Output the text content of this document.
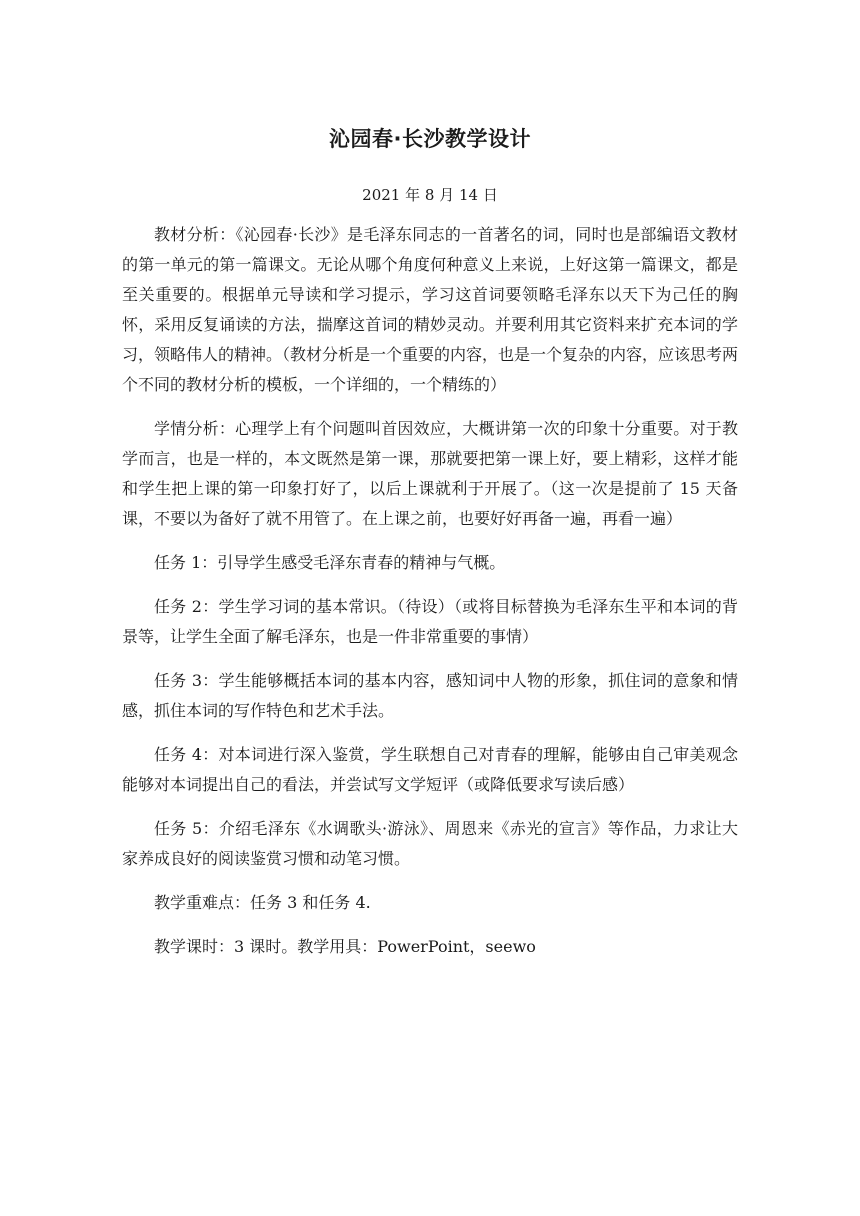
沁园春·长沙教学设计
2021 年 8 月 14 日

教材分析：《沁园春·长沙》是毛泽东同志的一首著名的词，同时也是部编语文教材的第一单元的第一篇课文。无论从哪个角度何种意义上来说，上好这第一篇课文，都是至关重要的。根据单元导读和学习提示，学习这首词要领略毛泽东以天下为己任的胸怀，采用反复诵读的方法，揣摩这首词的精妙灵动。并要利用其它资料来扩充本词的学习，领略伟人的精神。（教材分析是一个重要的内容，也是一个复杂的内容，应该思考两个不同的教材分析的模板，一个详细的，一个精练的）

学情分析：心理学上有个问题叫首因效应，大概讲第一次的印象十分重要。对于教学而言，也是一样的，本文既然是第一课，那就要把第一课上好，要上精彩，这样才能和学生把上课的第一印象打好了，以后上课就利于开展了。（这一次是提前了 15 天备课，不要以为备好了就不用管了。在上课之前，也要好好再备一遍，再看一遍）

任务 1：引导学生感受毛泽东青春的精神与气概。

任务 2：学生学习词的基本常识。（待设）（或将目标替换为毛泽东生平和本词的背景等，让学生全面了解毛泽东，也是一件非常重要的事情）

任务 3：学生能够概括本词的基本内容，感知词中人物的形象，抓住词的意象和情感，抓住本词的写作特色和艺术手法。

任务 4：对本词进行深入鉴赏，学生联想自己对青春的理解，能够由自己审美观念能够对本词提出自己的看法，并尝试写文学短评（或降低要求写读后感）

任务 5：介绍毛泽东《水调歌头·游泳》、周恩来《赤光的宣言》等作品，力求让大家养成良好的阅读鉴赏习惯和动笔习惯。

教学重难点：任务 3 和任务 4.

教学课时：3 课时。教学用具：PowerPoint，seewo
